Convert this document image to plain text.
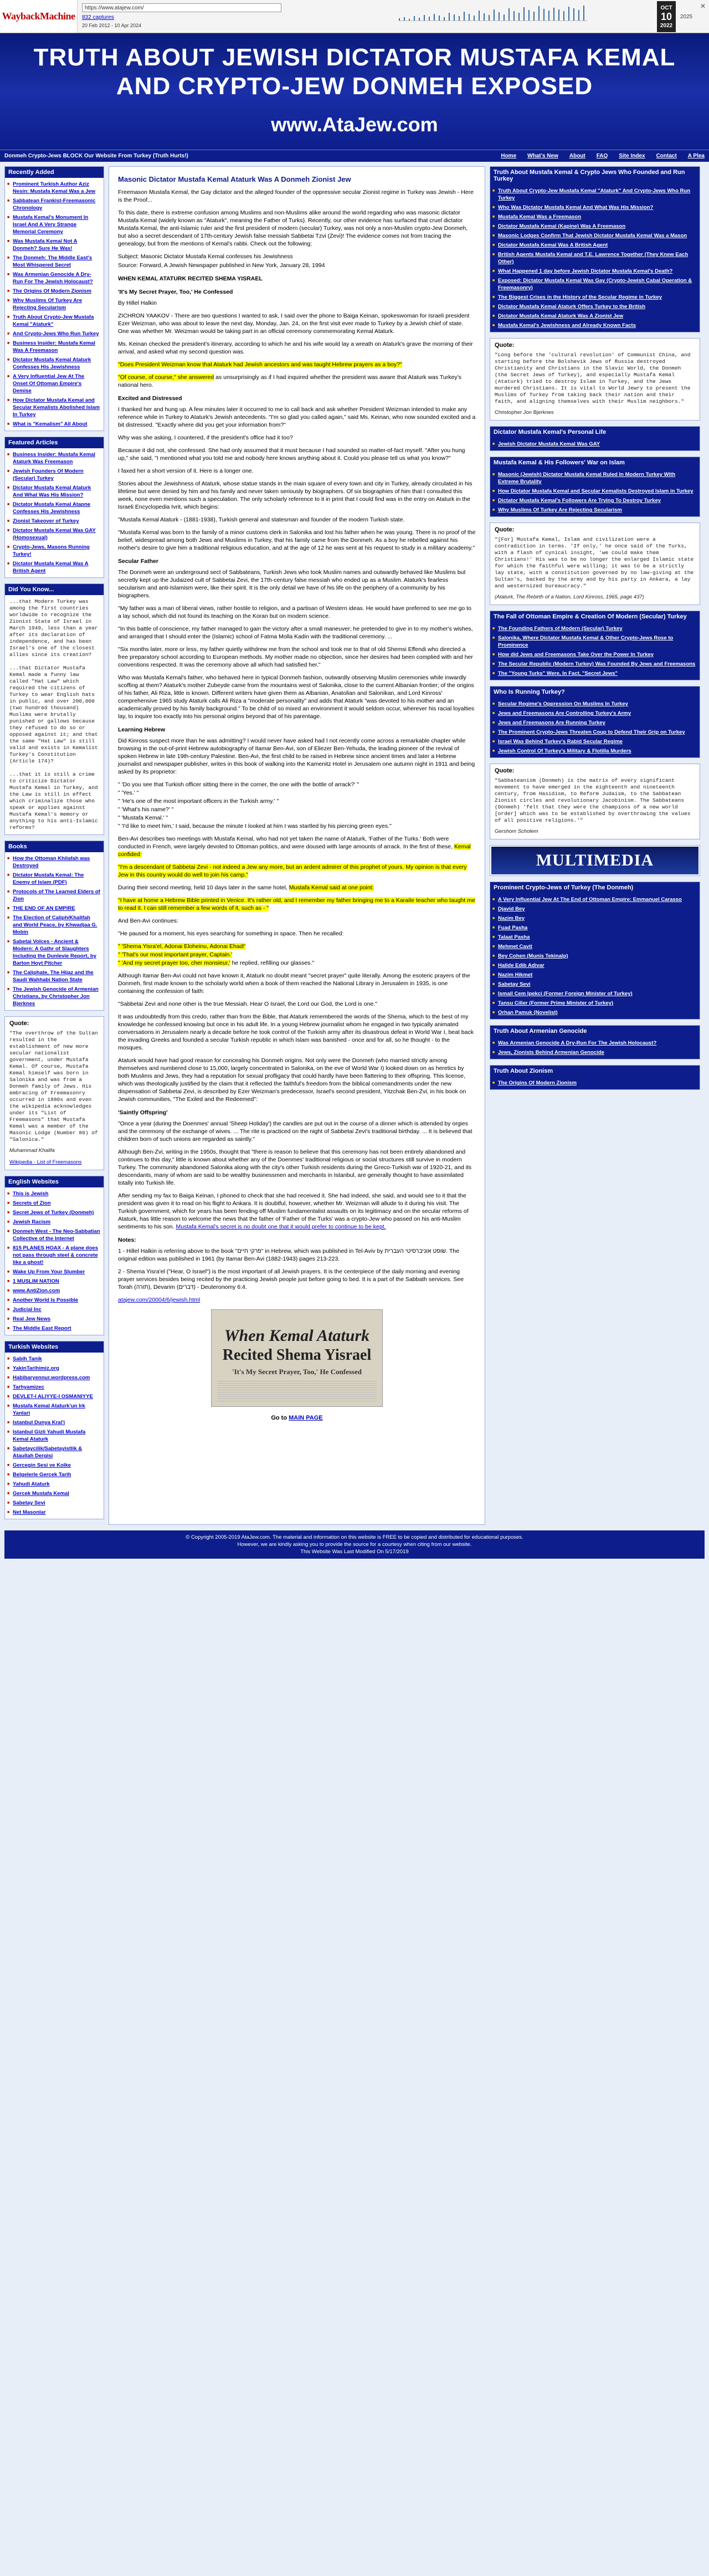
WaybackMachine
https://www.atajew.com/ 832 captures
20 Feb 2012 - 10 Apr 2024
OCT
10
2022
2025
✕
TRUTH ABOUT JEWISH DICTATOR MUSTAFA KEMAL
AND CRYPTO-JEW DONMEH EXPOSED
www.AtaJew.com
Donmeh Crypto-Jews BLOCK Our Website From Turkey (Truth Hurts!)	Home What's New About FAQ Site Index Contact A Plea
Recently Added
■ Prominent Turkish Author Aziz Nesin: Mustafa Kemal Was a Jew
■ Sabbatean Frankist-Freemasonic Chronology
■ Mustafa Kemal's Monument In Israel And A Very Strange Memorial Ceremony
■ Was Mustafa Kemal Not A Donmeh? Sure He Was!
■ The Donmeh: The Middle East's Most Whispered Secret
■ Was Armenian Genocide A Dry-Run For The Jewish Holocaust?
■ The Origins Of Modern Zionism
■ Why Muslims Of Turkey Are Rejecting Secularism
■ Truth About Crypto-Jew Mustafa Kemal "Ataturk"
■ And Crypto-Jews Who Run Turkey
■ Business Insider: Mustafa Kemal Was A Freemason
■ Dictator Mustafa Kemal Ataturk Confesses His Jewishness
■ A Very Influential Jew At The Onset Of Ottoman Empire's Demise
■ How Dictator Mustafa Kemal and Secular Kemalists Abolished Islam In Turkey
■ What is "Kemalism" All About
Featured Articles
■ Business Insider: Mustafa Kemal Ataturk Was Freemason
■ Jewish Founders Of Modern (Secular) Turkey
■ Dictator Mustafa Kemal Ataturk And What Was His Mission?
■ Dictator Mustafa Kemal Atapne Confesses His Jewishness
■ Zionist Takeover of Turkey
■ Dictator Mustafa Kemal Was GAY (Homosexual)
■ Crypto-Jews, Masons Running Turkey!
■ Dictator Mustafa Kemal Was A British Agent
Did You Know...
...that Modern Turkey was among the first countries worldwide to recognize the Zionist State of Israel in March 1949, less than a year after its declaration of independence, and has been Israel's one of the closest allies since its creation?

...that Dictator Mustafa Kemal made a funny law called "Hat Law" which required the citizens of Turkey to wear English hats in public, and over 200,000 (two hundred thousand) Muslims were brutally punished or gallows because they refused to do so or opposed against it; and that the same "Hat Law" is still valid and exists in Kemalist Turkey's Constitution (Article 174)?

...that it is still a crime to criticize Dictator Mustafa Kemal in Turkey, and the Law is still in effect which criminalize those who speak or applies against Mustafa Kemal's memory or anything to his anti-Islamic reforms?
Books
■ How the Ottoman Khilafah was Destroyed
■ Dictator Mustafa Kemal: The Enemy of Islam (PDF)
■ Protocols of The Learned Elders of Zion
■ THE END OF AN EMPIRE
■ The Election of Caliph/Khalifah and World Peace, by Khwadjaa G. Mobin
■ Sabetai Volces - Ancient & Modern: A Gathr of Slaughters Including the Dunlevie Report, by Barton Hoyt Pitcher
■ The Caliphate, The Hijaz and the Saudi Wahhabi Nation State
■ The Jewish Genocide of Armenian Christians, by Christopher Jon Bjerknes
Quote:
"The overthrow of the Sultan resulted in the establishment of new more secular nationalist government, under Mustafa Kemal. Of course, Mustafa Kemal himself was born in Salonika and was from a Donmeh family of Jews. His embracing of Freemasonry occurred in 1880s and even the wikipedia acknowledges under its "List of Freemasons" that Mustafa Kemal was a member of the Masonic Lodge (Number 80) of "Salonica."
Muhammad Khalifa
Wikipedia - List of Freemasons
English Websites
■ This is Jewish
■ Secrets of Zion
■ Secret Jews of Turkey (Donmeh)
■ Jewish Racism
■ Donmeh West - The Neo-Sabbatian Collective of the Internet
■ 815 PLANES HOAX - A plane does not pass through steel & concrete like a ghost!
■ Wake Up From Your Slumber
■ 1 MUSLIM NATION
■ www.AntiZion.com
■ Another World Is Possible
■ Judicial Inc
■ Real Jew News
■ The Middle East Report
Turkish Websites
■ Sabih Tanik
■ YakinTarihimiz.org
■ Habibaryennur.wordpress.com
■ Tarhyamizec
■ DEVLET-I ALIYYE-I OSMANIYYE
■ Mustafa Kemal Ataturk'un Irk Yanlari
■ Istanbul Dunya Kral'i
■ Istanbul Gizli Yahudi Mustafa Kemal Ataturk
■ Sabetaycilik/Sabetayistlik & Ataullah Dergisi
■ Gercegin Sesi ve Kolke
■ Belgelerle Gercek Tarih
■ Yahudi Ataturk
■ Gercek Mustafa Kemal
■ Sabetay Sevi
■ Net Masonlar
Masonic Dictator Mustafa Kemal Ataturk Was A Donmeh Zionist Jew

Freemason Mustafa Kemal, the Gay dictator and the alleged founder of the oppressive secular Zionist regime in Turkey was Jewish - Here is the Proof...

To this date, there is extreme confusion among Muslims and non-Muslims alike around the world regarding who was masonic dictator Mustafa Kemal (widely known as "Ataturk", meaning the Father of Turks). Recently, our other evidence has surfaced that cruel dictator Mustafa Kemal, the anti-Islamic ruler and the first president of modern (secular) Turkey, was not only a non-Muslim crypto-Jew Donmeh, but also a secret descendant of 17th-century Jewish false messiah Sabbetai Tzvi (Zevi)! The evidence comes not from tracing the genealogy, but from the mentions of Kemal's rabbi. Check out the following:

Subject: Masonic Dictator Mustafa Kemal confesses his Jewishness

Source: Forward, A Jewish Newspaper published in New York, January 28, 1994

WHEN KEMAL ATATURK RECITED SHEMA YISRAEL

'It's My Secret Prayer, Too,' He Confessed

By Hillel Halkin

ZICHRON YAAKOV - There are two questions I wanted to ask, I said over the phone to Baiga Keinan, spokeswoman for Israeli president Ezer Weizman, who was about to leave the next day, Monday, Jan. 24, on the first visit ever made to Turkey by a Jewish chief of state. One was whether Mr. Weizman would be taking part in an official ceremony commemorating Kemal Ataturk.

Ms. Keinan checked the president's itinerary, according to which he and his wife would lay a wreath on Ataturk's grave the morning of their arrival, and asked what my second question was.

"Does President Weizman know that Ataturk had Jewish ancestors and was taught Hebrew prayers as a boy?"

"Of course, of course," she answered as unsurprisingly as if I had inquired whether the president was aware that Ataturk was Turkey's national hero.

Excited and Distressed

I thanked her and hung up. A few minutes later it occurred to me to call back and ask whether President Weizman intended to make any reference while in Turkey to Ataturk's Jewish antecedents. "I'm so glad you called again," said Ms. Keinan, who now sounded excited and a bit distressed. "Exactly where did you get your information from?"

Why was she asking, I countered, if the president's office had it too?

Because it did not, she confessed. She had only assumed that it must because I had sounded so matter-of-fact myself. "After you hung up," she said, "I mentioned what you told me and nobody here knows anything about it. Could you please tell us what you know?"

I faxed her a short version of it. Here is a longer one.

Stories about the Jewishness of Ataturk, whose statue stands in the main square of every town and city in Turkey, already circulated in his lifetime but were denied by him and his family and never taken seriously by biographers. Of six biographies of him that I consulted this week, none even mentions such a speculation. The only scholarly reference to it in print that I could find was in the entry on Ataturk in the Israeli Encyclopedia Ivrit, which begins:

"Mustafa Kemal Ataturk - (1881-1938), Turkish general and statesman and founder of the modern Turkish state.

"Mustafa Kemal was born to the family of a minor customs clerk in Salonika and lost his father when he was young. There is no proof of the belief, widespread among both Jews and Muslims in Turkey, that his family came from the Donmeh. As a boy he rebelled against his mother's desire to give him a traditional religious education, and at the age of 12 he was sent at his request to study in a military academy."

Secular Father

The Donmeh were an underground sect of Sabbateans, Turkish Jews who took Muslim names and outwardly behaved like Muslims but secretly kept up the Judaized cult of Sabbetai Zevi, the 17th-century false messiah who ended up as a Muslim. Ataturk's fearless secularism and anti-Islamism were, like their spirit. It is the only detail we have of his life on the periphery of a community by his biographers.

"My father was a man of liberal views, rather hostile to religion, and a partisan of Western ideas. He would have preferred to see me go to a lay school, which did not found its teaching on the Koran but on modern science.

"In this battle of conscience, my father managed to gain the victory after a small maneuver; he pretended to give in to my mother's wishes, and arranged that I should enter the (Islamic) school of Fatma Molla Kadin with the traditional ceremony. ...

"Six months later, more or less, my father quietly withdrew me from the school and took me to that of old Shemsi Effendi who directed a free preparatory school according to European methods. My mother made no objection, since her desires had been complied with and her conventions respected. It was the ceremony above all which had satisfied her."

Who was Mustafa Kemal's father, who behaved here in typical Donmeh fashion, outwardly observing Muslim ceremonies while inwardly scoffing at them? Ataturk's mother Zubeyde came from the mountains west of Salonika, close to the current Albanian frontier; of the origins of his father, Ali Riza, little is known. Different writers have given them as Albanian, Anatolian and Salonikan, and Lord Kinross' comprehensive 1965 study Ataturk calls Ali Riza a "moderate personality" and adds that Ataturk "was devoted to his mother and an academically proved by his family background." To be child of so mixed an environment it would seldom occur, wherever his racial loyalties lay, to inquire too exactly into his personal origins beyond that of his parentage.

Learning Hebrew

Did Kinross suspect more than he was admitting? I would never have asked had I not recently come across a remarkable chapter while browsing in the out-of-print Hebrew autobiography of Itamar Ben-Avi, son of Eliezer Ben-Yehuda, the leading pioneer of the revival of spoken Hebrew in late 19th-century Palestine. Ben-Avi, the first child to be raised in Hebrew since ancient times and later a Hebrew journalist and newspaper publisher, writes in this book of walking into the Kamenitz Hotel in Jerusalem one autumn night in 1911 and being asked by its proprietor:

" 'Do you see that Turkish officer sitting there in the corner, the one with the bottle of arrack?' "

" 'Yes.' "

" 'He's one of the most important officers in the Turkish army.' "

" 'What's his name?' "

" 'Mustafa Kemal.' "

" 'I'd like to meet him,' I said, because the minute I looked at him I was startled by his piercing green eyes."

Ben-Avi describes two meetings with Mustafa Kemal, who had not yet taken the name of Ataturk, 'Father of the Turks.' Both were conducted in French, were largely devoted to Ottoman politics, and were doused with large amounts of arrack. In the first of these, Kemal confided:

"I'm a descendant of Sabbetai Zevi - not indeed a Jew any more, but an ardent admirer of this prophet of yours. My opinion is that every Jew in this country would do well to join his camp."

During their second meeting, held 10 days later in the same hotel, Mustafa Kemal said at one point:

"I have at home a Hebrew Bible printed in Venice. It's rather old, and I remember my father bringing me to a Karaite teacher who taught me to read it. I can still remember a few words of it, such as - "

And Ben-Avi continues:

"He paused for a moment, his eyes searching for something in space. Then he recalled:

" 'Shema Yisra'el, Adonai Eloheinu, Adonai Ehad!'

" 'That's our most important prayer, Captain.'

" 'And my secret prayer too, cher monsieur,' he replied, refilling our glasses."

Although Itamar Ben-Avi could not have known it, Ataturk no doubt meant "secret prayer" quite literally. Among the esoteric prayers of the Donmeh, first made known to the scholarly world when a book of them reached the National Library in Jerusalem in 1935, is one containing the confession of faith:

"Sabbetai Zevi and none other is the true Messiah. Hear O Israel, the Lord our God, the Lord is one."

It was undoubtedly from this credo, rather than from the Bible, that Ataturk remembered the words of the Shema, which to the best of my knowledge he confessed knowing but once in his adult life. In a young Hebrew journalist whom he engaged in two typically animated conversations in Jerusalem nearly a decade before he took control of the Turkish army after its disastrous defeat in World War I, beat back the invading Greeks and founded a secular Turkish republic in which Islam was banished - once and for all, so he thought - to the mosques.

Ataturk would have had good reason for concealing his Donmeh origins. Not only were the Donmeh (who married strictly among themselves and numbered close to 15,000, largely concentrated in Salonika, on the eve of World War I) looked down on as heretics by both Muslims and Jews, they had a reputation for sexual profligacy that could hardly have been flattering to their offspring. This license, which was theologically justified by the claim that it reflected the faithful's freedom from the biblical commandments under the new dispensation of Sabbetai Zevi, is described by Ezer Weizman's predecessor, Israel's second president, Yitzchak Ben-Zvi, in his book on Jewish communities, "The Exiled and the Redeemed":

'Saintly Offspring'

"Once a year (during the Doenmes' annual 'Sheep Holiday') the candles are put out in the course of a dinner which is attended by orgies and the ceremony of the exchange of wives. ... The rite is practiced on the night of Sabbetai Zevi's traditional birthday. ... It is believed that children born of such unions are regarded as saintly."

Although Ben-Zvi, writing in the 1950s, thought that "there is reason to believe that this ceremony has not been entirely abandoned and continues to this day," little is known about whether any of the Doenmes' traditional religious or social structures still survive in modern Turkey. The community abandoned Salonika along with the city's other Turkish residents during the Greco-Turkish war of 1920-21, and its descendants, many of whom are said to be wealthy businessmen and merchants in Istanbul, are generally thought to have assimilated totally into Turkish life.

After sending my fax to Baiga Keinan, I phoned to check that she had received it. She had indeed, she said, and would see to it that the president was given it to read on his flight to Ankara. It is doubtful, however, whether Mr. Weizman will allude to it during his visit. The Turkish government, which for years has been fending off Muslim fundamentalist assaults on its legitimacy and on the secular reforms of Ataturk, has little reason to welcome the news that the father of 'Father of the Turks' was a crypto-Jew who passed on his anti-Muslim sentiments to his son. Mustafa Kemal's secret is no doubt one that it would prefer to continue to be kept.

Notes:

1 - Hillel Halkin is referring above to the book "פרקי חיים" in Hebrew, which was published in Tel-Aviv by שופט אוניברסיטי העברית. The original edition was published in 1961 (by Itamar Ben-Avi (1882-1943) pages 213-223.

2 - Shema Yisra'el ("Hear, O Israel") is the most important of all Jewish prayers. It is the centerpiece of the daily morning and evening prayer services besides being recited by the practicing Jewish people just before going to bed. It is a part of the Sabbath services. See Torah (תורה), Devarim (דברים) - Deuteronomy 6:4.

atajew.com/20004/6/jewish.html

When Kemal Ataturk
Recited Shema Yisrael
'It's My Secret Prayer, Too,' He Confessed
Go to MAIN PAGE
Truth About Mustafa Kemal & Crypto Jews Who Founded and Run Turkey
■ Truth About Crypto-Jew Mustafa Kemal "Ataturk" And Crypto-Jews Who Run Turkey
■ Who Was Dictator Mustafa Kemal And What Was His Mission?
■ Mustafa Kemal Was a Freemason
■ Dictator Mustafa Kemal (Kapine) Was A Freemason
■ Masonic Lodges Confirm That Jewish Dictator Mustafa Kemal Was a Mason
■ Dictator Mustafa Kemal Was A British Agent
■ British Agents Mustafa Kemal and T.E. Lawrence Together (They Knew Each Other)
■ What Happened 1 day before Jewish Dictator Mustafa Kemal's Death?
■ Exposed: Dictator Mustafa Kemal Was Gay (Crypto-Jewish Cabal Operation & Freemasonry)
■ The Biggest Crises in the History of the Secular Regime in Turkey
■ Dictator Mustafa Kemal Ataturk Offers Turkey to the British
■ Dictator Mustafa Kemal Ataturk Was A Zionist Jew
■ Mustafa Kemal's Jewishness and Already Known Facts
Quote:
"Long before the 'cultural revolution' of Communist China, and starting before the Bolshevik Jews of Russia destroyed Christianity and Christians in the Slavic World, the Donmeh (the Secret Jews of Turkey), and especially Mustafa Kemal (Ataturk) tried to destroy Islam in Turkey, and the Jews murdered Christians. It is vital to World Jewry to present the Muslims of Turkey from taking back their nation and their faith, and aligning themselves with their Muslim neighbors."
Christopher Jon Bjerknes
Dictator Mustafa Kemal's Personal Life
■ Jewish Dictator Mustafa Kemal Was GAY
Mustafa Kemal & His Followers' War on Islam
■ Masonic (Jewish) Dictator Mustafa Kemal Ruled In Modern Turkey With Extreme Brutality
■ How Dictator Mustafa Kemal and Secular Kemalists Destroyed Islam in Turkey
■ Dictator Mustafa Kemal's Followers Are Trying To Destroy Turkey
■ Why Muslims Of Turkey Are Rejecting Secularism
Quote:
"[For] Mustafa Kemal, Islam and civilization were a contradiction in terms. 'If only,' he once said of the Turks, with a flash of cynical insight, 'we could make them Christians!' His was to be no longer the enlarged Islamic state for which the faithful were willing; it was to be a strictly lay state, with a constitution governed by no law-giving at the Sultan's, backed by the army and by his party in Ankara, a lay and westernized bureaucracy."
(Ataturk, The Rebirth of a Nation, Lord Kinross, 1965, page 437)
The Fall of Ottoman Empire & Creation Of Modern (Secular) Turkey
■ The Founding Fathers of Modern (Secular) Turkey
■ Salonika, Where Dictator Mustafa Kemal & Other Crypto-Jews Rose to Prominence
■ How did Jews and Freemasons Take Over the Power In Turkey
■ The Secular Republic (Modern Turkey) Was Founded By Jews and Freemasons
■ The "Young Turks" Were, In Fact, "Secret Jews"
Who Is Running Turkey?
■ Secular Regime's Oppression On Muslims In Turkey
■ Jews and Freemasons Are Controlling Turkey's Army
■ Jews and Freemasons Are Running Turkey
■ The Prominent Crypto-Jews Threaten Coup to Defend Their Grip on Turkey
■ Israel Was Behind Turkey's Rabid Secular Regime
■ Jewish Control Of Turkey's Military & Flotilla Murders
Quote:
"Sabbateanism (Donmeh) is the matrix of every significant movement to have emerged in the eighteenth and nineteenth century, from Hasidism, to Reform Judaism, to the Sabbatean Zionist circles and revolutionary Jacobinism. The Sabbateans (Donmeh) 'felt that they were the champions of a new world [order] which was to be established by overthrowing the values of all positive religions.'"
Gershom Scholem
MULTIMEDIA
Prominent Crypto-Jews of Turkey (The Donmeh)
■ A Very Influential Jew At The End of Ottoman Empire: Emmanuel Carasso
■ Djavid Bey
■ Nazim Bey
■ Fuad Pasha
■ Talaat Pasha
■ Mehmet Cavit
■ Bey Cohen (Munis Tekinalp)
■ Halide Edib Adivar
■ Nazim Hikmet
■ Sabetay Sevi
■ Ismail Cem Ipekci (Former Foreign Minister of Turkey)
■ Tansu Ciller (Former Prime Minister of Turkey)
■ Orhan Pamuk (Novelist)
Truth About Armenian Genocide
■ Was Armenian Genocide A Dry-Run For The Jewish Holocaust?
■ Jews, Zionists Behind Armenian Genocide
Truth About Zionism
■ The Origins Of Modern Zionism
© Copyright 2005-2019 AtaJew.com. The material and information on this website is FREE to be copied and distributed for educational purposes.
However, we are kindly asking you to provide the source for a courtesy when citing from our website.
This Website Was Last Modified On 5/17/2019
